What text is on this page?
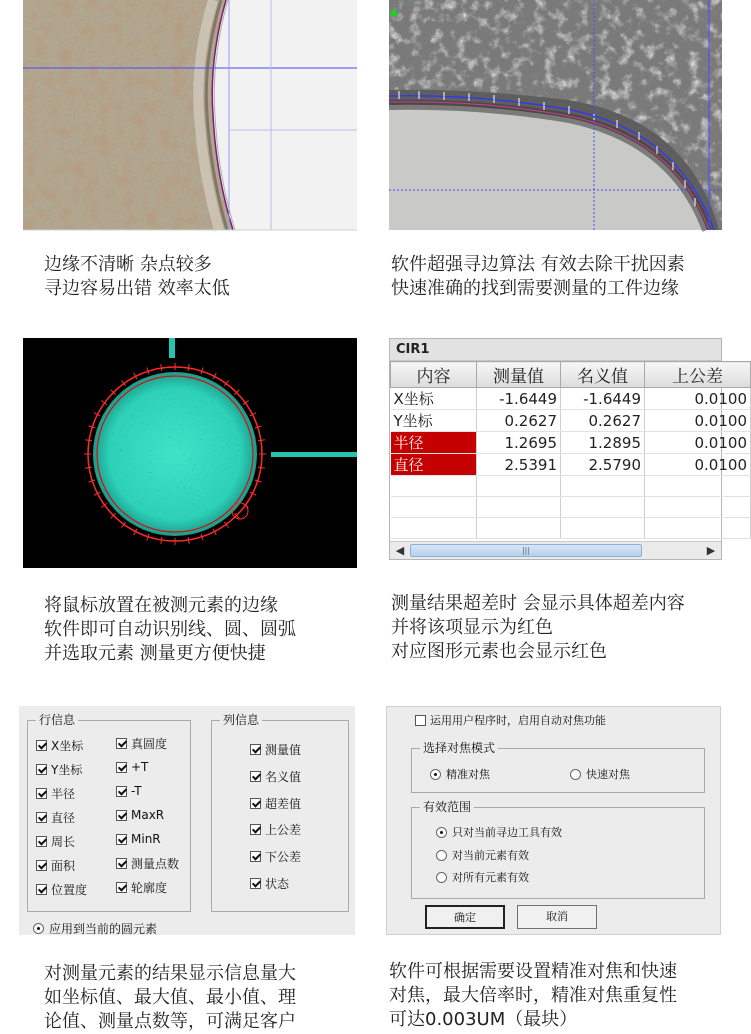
边缘不清晰 杂点较多
寻边容易出错 效率太低
· · · ·
软件超强寻边算法 有效去除干扰因素
快速准确的找到需要测量的工件边缘
将鼠标放置在被测元素的边缘
软件即可自动识别线、圆、圆弧
并选取元素 测量更方便快捷
CIR1
内容	测量值	名义值	上公差
X坐标	-1.6449	-1.6449	0.0100
Y坐标	0.2627	0.2627	0.0100
半径	1.2695	1.2895	0.0100
直径	2.5391	2.5790	0.0100

◀	|||	▶
测量结果超差时 会显示具体超差内容
并将该项显示为红色
对应图形元素也会显示红色
行信息
X坐标
Y坐标
半径
直径
周长
面积
位置度
真圆度
+T
-T
MaxR
MinR
测量点数
轮廓度
列信息
测量值
名义值
超差值
上公差
下公差
状态
应用到当前的圆元素
对测量元素的结果显示信息量大
如坐标值、最大值、最小值、理
论值、测量点数等，可满足客户
运用用户程序时，启用自动对焦功能
选择对焦模式
精准对焦	快速对焦
有效范围
只对当前寻边工具有效
对当前元素有效
对所有元素有效
确定	取消
软件可根据需要设置精准对焦和快速
对焦，最大倍率时，精准对焦重复性
可达0.003UM（最块）
